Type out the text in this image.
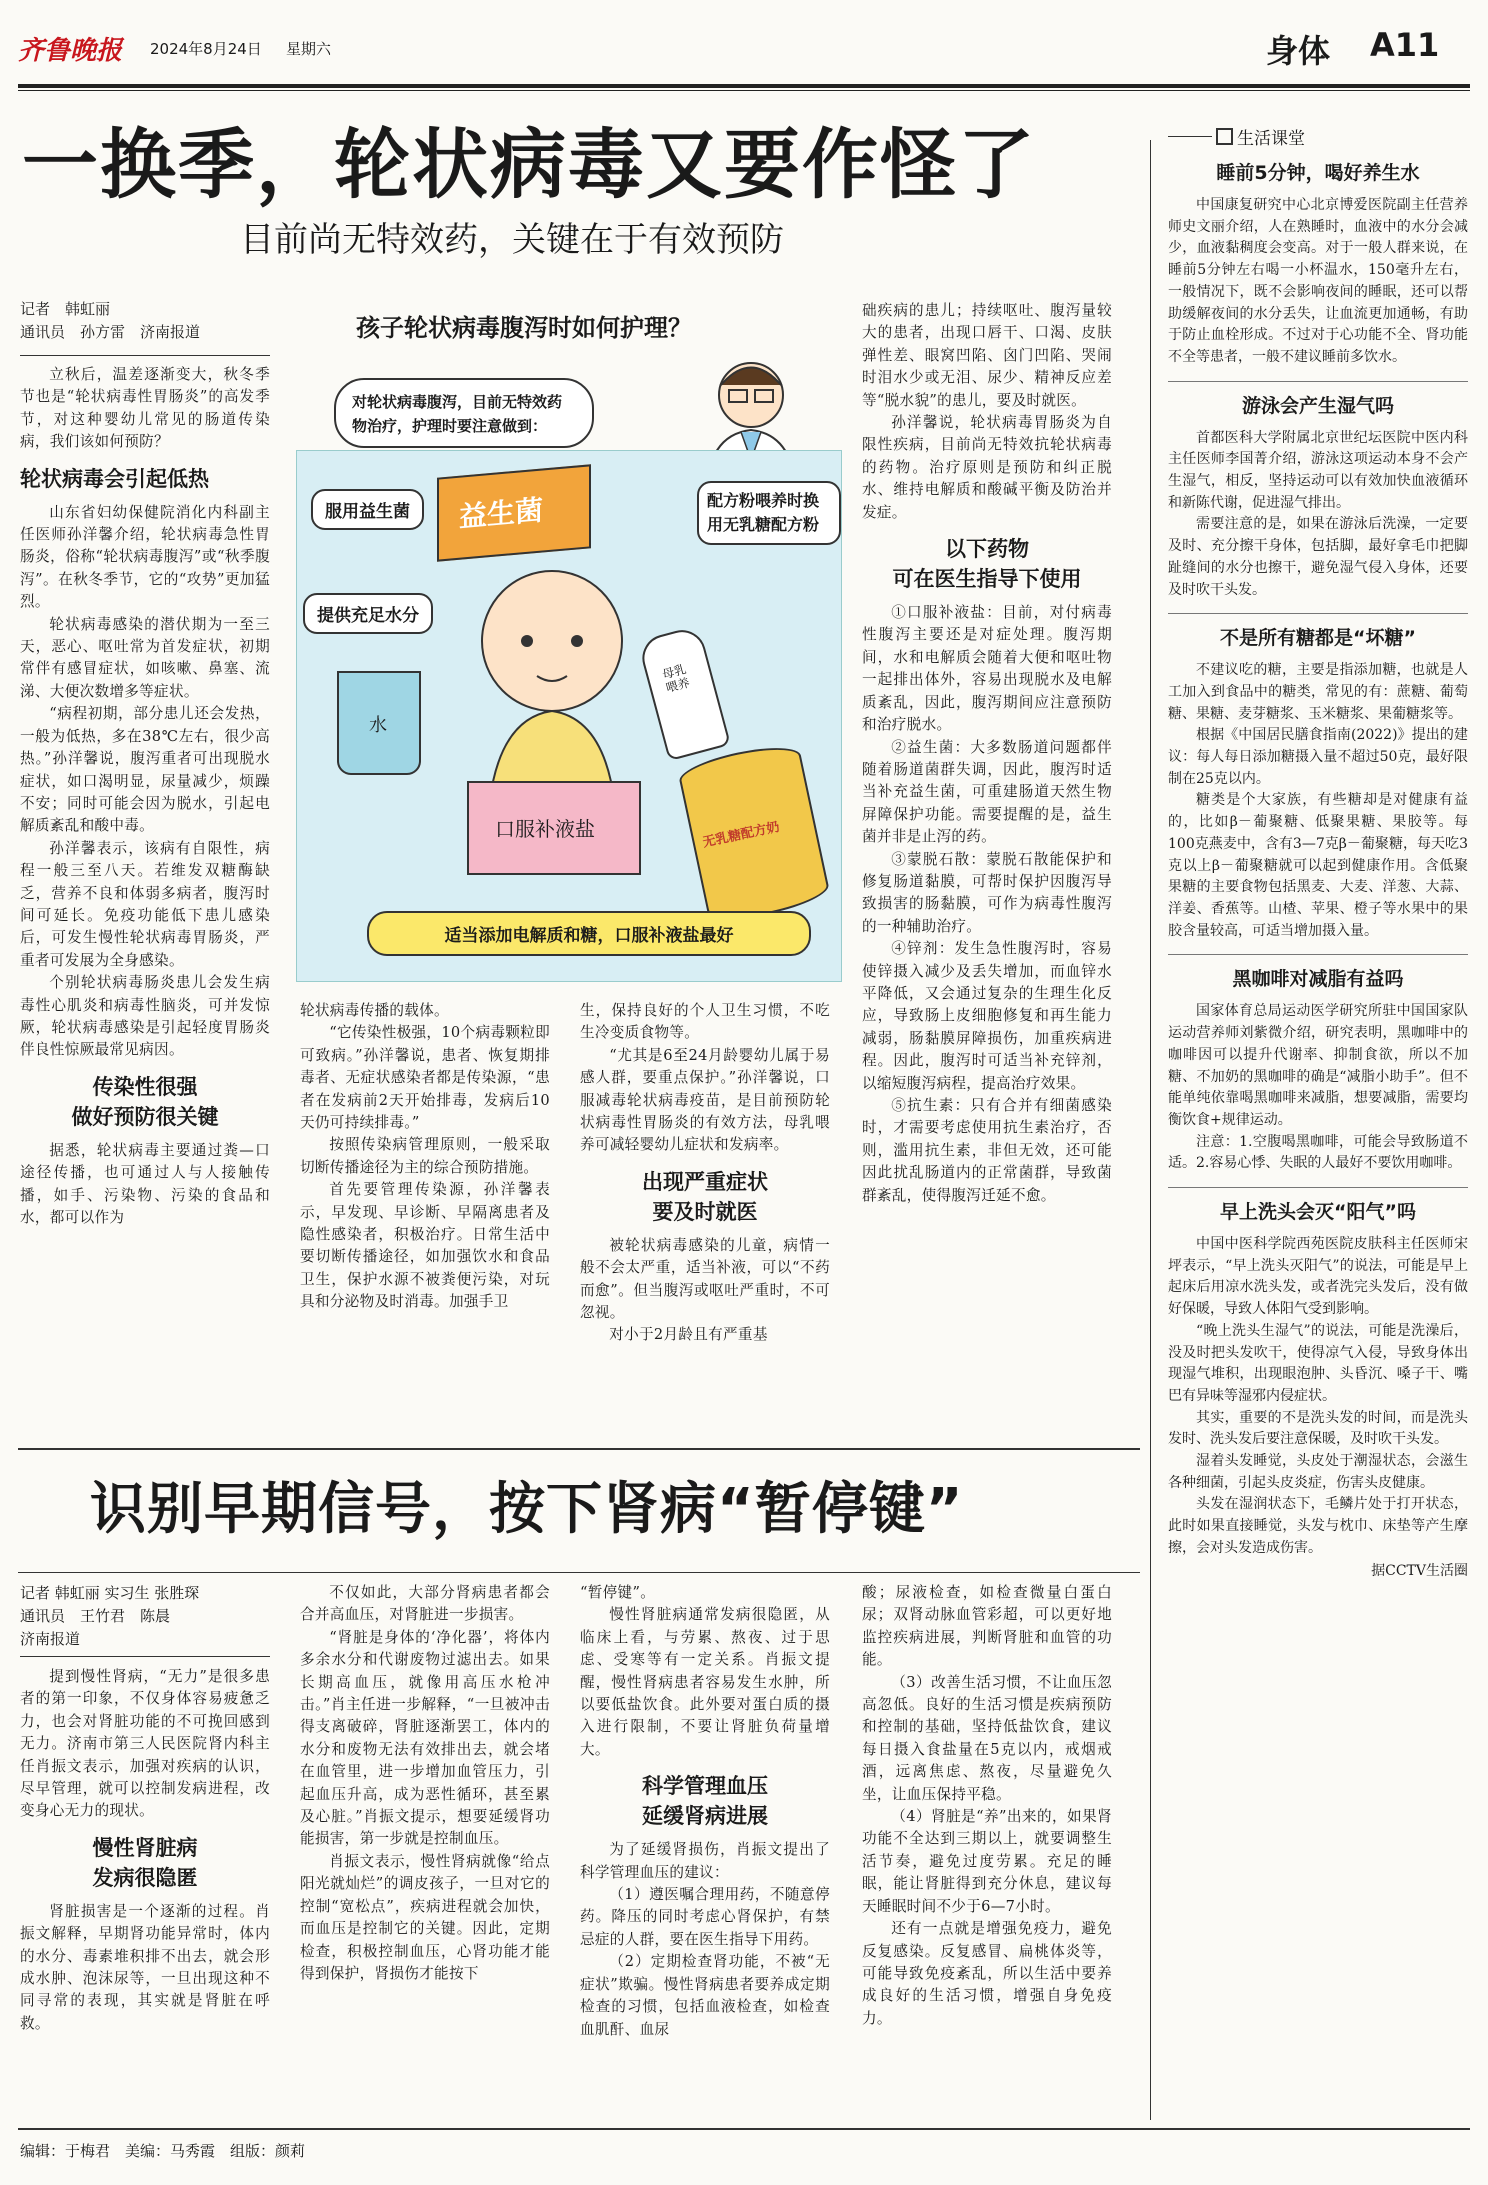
齐鲁晚报 2024年8月24日 星期六	身体 A11
一换季，轮状病毒又要作怪了
目前尚无特效药，关键在于有效预防
记者　韩虹丽
通讯员　孙方雷　济南报道

立秋后，温差逐渐变大，秋冬季节也是“轮状病毒性胃肠炎”的高发季节，对这种婴幼儿常见的肠道传染病，我们该如何预防？

轮状病毒会引起低热

山东省妇幼保健院消化内科副主任医师孙洋馨介绍，轮状病毒急性胃肠炎，俗称“轮状病毒腹泻”或“秋季腹泻”。在秋冬季节，它的“攻势”更加猛烈。

轮状病毒感染的潜伏期为一至三天，恶心、呕吐常为首发症状，初期常伴有感冒症状，如咳嗽、鼻塞、流涕、大便次数增多等症状。

“病程初期，部分患儿还会发热，一般为低热，多在38℃左右，很少高热。”孙洋馨说，腹泻重者可出现脱水症状，如口渴明显，尿量减少，烦躁不安；同时可能会因为脱水，引起电解质紊乱和酸中毒。

孙洋馨表示，该病有自限性，病程一般三至八天。若维发双糖酶缺乏，营养不良和体弱多病者，腹泻时间可延长。免疫功能低下患儿感染后，可发生慢性轮状病毒胃肠炎，严重者可发展为全身感染。

个别轮状病毒肠炎患儿会发生病毒性心肌炎和病毒性脑炎，可并发惊厥，轮状病毒感染是引起轻度胃肠炎伴良性惊厥最常见病因。

传染性很强
做好预防很关键

据悉，轮状病毒主要通过粪—口途径传播，也可通过人与人接触传播，如手、污染物、污染的食品和水，都可以作为

孩子轮状病毒腹泻时如何护理？
对轮状病毒腹泻，目前无特效药物治疗，护理时要注意做到：
益生菌
水
母乳喂养
无乳糖配方奶
口服补液盐
服用益生菌
提供充足水分
配方粉喂养时换用无乳糖配方粉
适当添加电解质和糖，口服补液盐最好

轮状病毒传播的载体。

“它传染性极强，10个病毒颗粒即可致病。”孙洋馨说，患者、恢复期排毒者、无症状感染者都是传染源，“患者在发病前2天开始排毒，发病后10天仍可持续排毒。”

按照传染病管理原则，一般采取切断传播途径为主的综合预防措施。

首先要管理传染源，孙洋馨表示，早发现、早诊断、早隔离患者及隐性感染者，积极治疗。日常生活中要切断传播途径，如加强饮水和食品卫生，保护水源不被粪便污染，对玩具和分泌物及时消毒。加强手卫

生，保持良好的个人卫生习惯，不吃生冷变质食物等。

“尤其是6至24月龄婴幼儿属于易感人群，要重点保护。”孙洋馨说，口服减毒轮状病毒疫苗，是目前预防轮状病毒性胃肠炎的有效方法，母乳喂养可减轻婴幼儿症状和发病率。

出现严重症状
要及时就医

被轮状病毒感染的儿童，病情一般不会太严重，适当补液，可以“不药而愈”。但当腹泻或呕吐严重时，不可忽视。

对小于2月龄且有严重基

础疾病的患儿；持续呕吐、腹泻量较大的患者，出现口唇干、口渴、皮肤弹性差、眼窝凹陷、囟门凹陷、哭闹时泪水少或无泪、尿少、精神反应差等“脱水貌”的患儿，要及时就医。

孙洋馨说，轮状病毒胃肠炎为自限性疾病，目前尚无特效抗轮状病毒的药物。治疗原则是预防和纠正脱水、维持电解质和酸碱平衡及防治并发症。

以下药物
可在医生指导下使用

①口服补液盐：目前，对付病毒性腹泻主要还是对症处理。腹泻期间，水和电解质会随着大便和呕吐物一起排出体外，容易出现脱水及电解质紊乱，因此，腹泻期间应注意预防和治疗脱水。

②益生菌：大多数肠道问题都伴随着肠道菌群失调，因此，腹泻时适当补充益生菌，可重建肠道天然生物屏障保护功能。需要提醒的是，益生菌并非是止泻的药。

③蒙脱石散：蒙脱石散能保护和修复肠道黏膜，可帮时保护因腹泻导致损害的肠黏膜，可作为病毒性腹泻的一种辅助治疗。

④锌剂：发生急性腹泻时，容易使锌摄入减少及丢失增加，而血锌水平降低，又会通过复杂的生理生化反应，导致肠上皮细胞修复和再生能力减弱，肠黏膜屏障损伤，加重疾病进程。因此，腹泻时可适当补充锌剂，以缩短腹泻病程，提高治疗效果。

⑤抗生素：只有合并有细菌感染时，才需要考虑使用抗生素治疗，否则，滥用抗生素，非但无效，还可能因此扰乱肠道内的正常菌群，导致菌群紊乱，使得腹泻迁延不愈。

识别早期信号，按下肾病“暂停键”
记者 韩虹丽 实习生 张胜琛
通讯员　王竹君　陈晨
济南报道

提到慢性肾病，“无力”是很多患者的第一印象，不仅身体容易疲惫乏力，也会对肾脏功能的不可挽回感到无力。济南市第三人民医院肾内科主任肖振文表示，加强对疾病的认识，尽早管理，就可以控制发病进程，改变身心无力的现状。

慢性肾脏病
发病很隐匿

肾脏损害是一个逐渐的过程。肖振文解释，早期肾功能异常时，体内的水分、毒素堆积排不出去，就会形成水肿、泡沫尿等，一旦出现这种不同寻常的表现，其实就是肾脏在呼救。

不仅如此，大部分肾病患者都会合并高血压，对肾脏进一步损害。

“肾脏是身体的‘净化器’，将体内多余水分和代谢废物过滤出去。如果长期高血压，就像用高压水枪冲击。”肖主任进一步解释，“一旦被冲击得支离破碎，肾脏逐渐罢工，体内的水分和废物无法有效排出去，就会堵在血管里，进一步增加血管压力，引起血压升高，成为恶性循环，甚至累及心脏。”肖振文提示，想要延缓肾功能损害，第一步就是控制血压。

肖振文表示，慢性肾病就像“给点阳光就灿烂”的调皮孩子，一旦对它的控制“宽松点”，疾病进程就会加快，而血压是控制它的关键。因此，定期检查，积极控制血压，心肾功能才能得到保护，肾损伤才能按下

“暂停键”。

慢性肾脏病通常发病很隐匿，从临床上看，与劳累、熬夜、过于思虑、受寒等有一定关系。肖振文提醒，慢性肾病患者容易发生水肿，所以要低盐饮食。此外要对蛋白质的摄入进行限制，不要让肾脏负荷量增大。

科学管理血压
延缓肾病进展

为了延缓肾损伤，肖振文提出了科学管理血压的建议：

（1）遵医嘱合理用药，不随意停药。降压的同时考虑心肾保护，有禁忌症的人群，要在医生指导下用药。

（2）定期检查肾功能，不被“无症状”欺骗。慢性肾病患者要养成定期检查的习惯，包括血液检查，如检查血肌酐、血尿

酸；尿液检查，如检查微量白蛋白尿；双肾动脉血管彩超，可以更好地监控疾病进展，判断肾脏和血管的功能。

（3）改善生活习惯，不让血压忽高忽低。良好的生活习惯是疾病预防和控制的基础，坚持低盐饮食，建议每日摄入食盐量在5克以内，戒烟戒酒，远离焦虑、熬夜，尽量避免久坐，让血压保持平稳。

（4）肾脏是“养”出来的，如果肾功能不全达到三期以上，就要调整生活节奏，避免过度劳累。充足的睡眠，能让肾脏得到充分休息，建议每天睡眠时间不少于6—7小时。

还有一点就是增强免疫力，避免反复感染。反复感冒、扁桃体炎等，可能导致免疫紊乱，所以生活中要养成良好的生活习惯，增强自身免疫力。

生活课堂
睡前5分钟，喝好养生水

中国康复研究中心北京博爱医院副主任营养师史文丽介绍，人在熟睡时，血液中的水分会减少，血液黏稠度会变高。对于一般人群来说，在睡前5分钟左右喝一小杯温水，150毫升左右，一般情况下，既不会影响夜间的睡眠，还可以帮助缓解夜间的水分丢失，让血流更加通畅，有助于防止血栓形成。不过对于心功能不全、肾功能不全等患者，一般不建议睡前多饮水。

游泳会产生湿气吗

首都医科大学附属北京世纪坛医院中医内科主任医师李国菁介绍，游泳这项运动本身不会产生湿气，相反，坚持运动可以有效加快血液循环和新陈代谢，促进湿气排出。

需要注意的是，如果在游泳后洗澡，一定要及时、充分擦干身体，包括脚，最好拿毛巾把脚趾缝间的水分也擦干，避免湿气侵入身体，还要及时吹干头发。

不是所有糖都是“坏糖”

不建议吃的糖，主要是指添加糖，也就是人工加入到食品中的糖类，常见的有：蔗糖、葡萄糖、果糖、麦芽糖浆、玉米糖浆、果葡糖浆等。

根据《中国居民膳食指南(2022)》提出的建议：每人每日添加糖摄入量不超过50克，最好限制在25克以内。

糖类是个大家族，有些糖却是对健康有益的，比如β－葡聚糖、低聚果糖、果胶等。每100克燕麦中，含有3—7克β－葡聚糖，每天吃3克以上β－葡聚糖就可以起到健康作用。含低聚果糖的主要食物包括黑麦、大麦、洋葱、大蒜、洋姜、香蕉等。山楂、苹果、橙子等水果中的果胶含量较高，可适当增加摄入量。

黑咖啡对减脂有益吗

国家体育总局运动医学研究所驻中国国家队运动营养师刘紫微介绍，研究表明，黑咖啡中的咖啡因可以提升代谢率、抑制食欲，所以不加糖、不加奶的黑咖啡的确是“减脂小助手”。但不能单纯依靠喝黑咖啡来减脂，想要减脂，需要均衡饮食+规律运动。

注意：1.空腹喝黑咖啡，可能会导致肠道不适。2.容易心悸、失眠的人最好不要饮用咖啡。

早上洗头会灭“阳气”吗

中国中医科学院西苑医院皮肤科主任医师宋坪表示，“早上洗头灭阳气”的说法，可能是早上起床后用凉水洗头发，或者洗完头发后，没有做好保暖，导致人体阳气受到影响。

“晚上洗头生湿气”的说法，可能是洗澡后，没及时把头发吹干，使得凉气入侵，导致身体出现湿气堆积，出现眼泡肿、头昏沉、嗓子干、嘴巴有异味等湿邪内侵症状。

其实，重要的不是洗头发的时间，而是洗头发时、洗头发后要注意保暖，及时吹干头发。

湿着头发睡觉，头皮处于潮湿状态，会滋生各种细菌，引起头皮炎症，伤害头皮健康。

头发在湿润状态下，毛鳞片处于打开状态，此时如果直接睡觉，头发与枕巾、床垫等产生摩擦，会对头发造成伤害。

据CCTV生活圈
编辑：于梅君　美编：马秀霞　组版：颜莉
